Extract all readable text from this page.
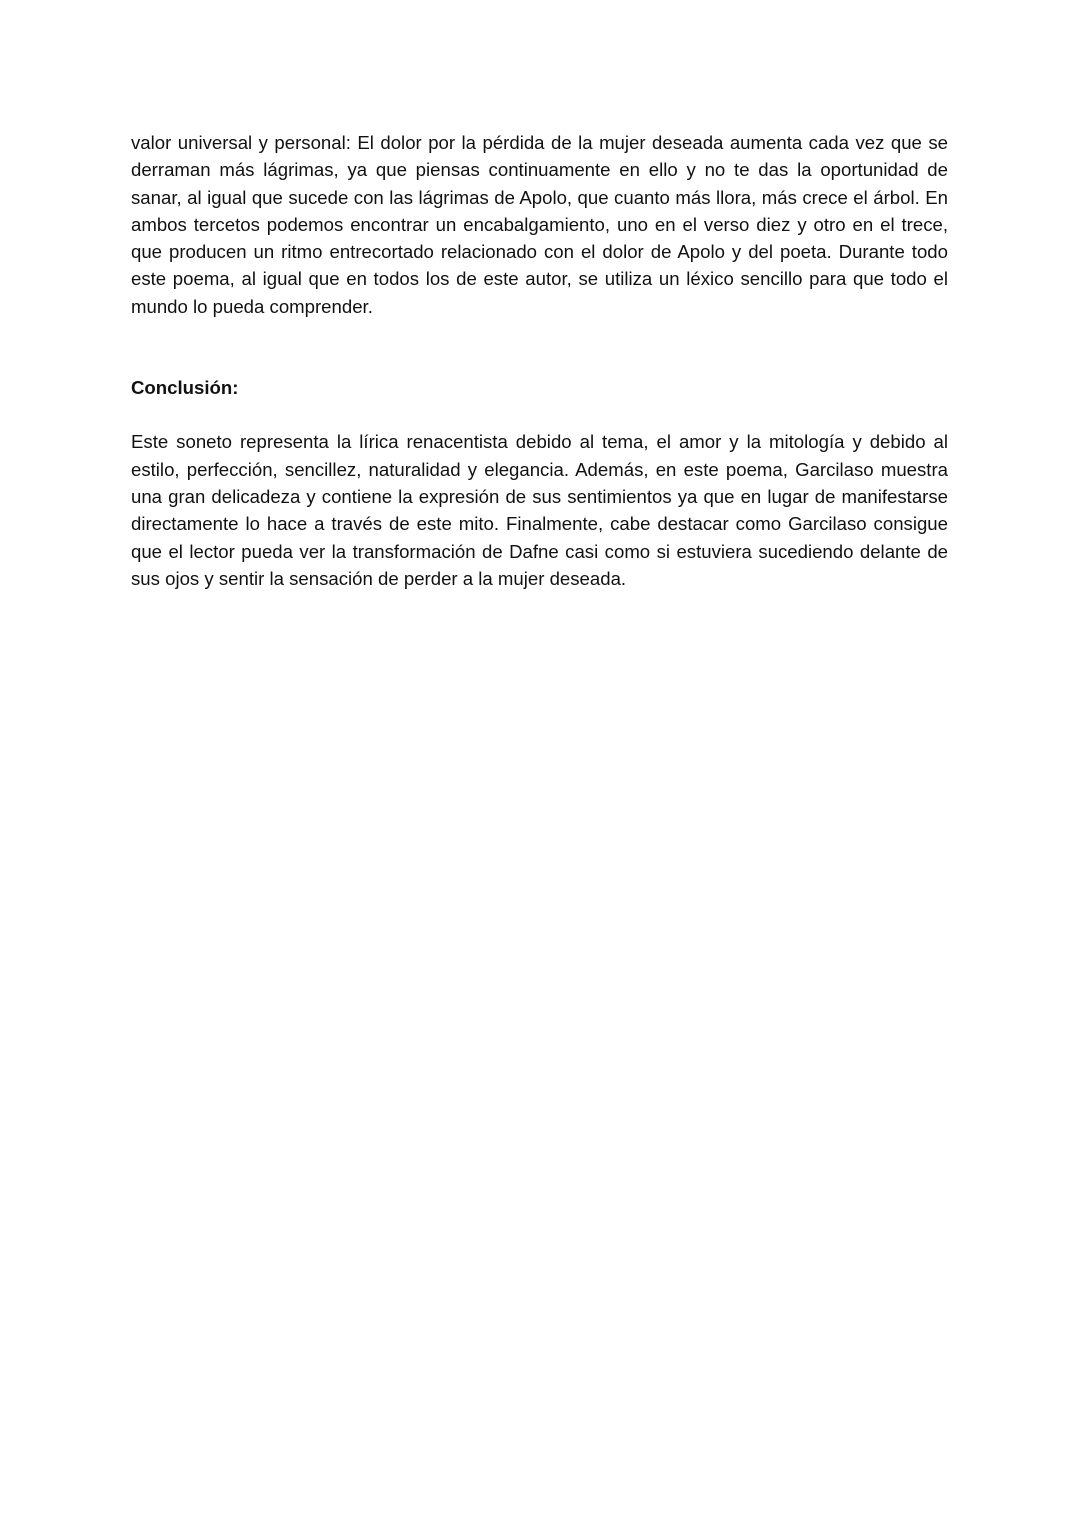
valor universal y personal: El dolor por la pérdida de la mujer deseada aumenta cada vez que se derraman más lágrimas, ya que piensas continuamente en ello y no te das la oportunidad de sanar, al igual que sucede con las lágrimas de Apolo, que cuanto más llora, más crece el árbol. En ambos tercetos podemos encontrar un encabalgamiento, uno en el verso diez y otro en el trece, que producen un ritmo entrecortado relacionado con el dolor de Apolo y del poeta. Durante todo este poema, al igual que en todos los de este autor, se utiliza un léxico sencillo para que todo el mundo lo pueda comprender.

Conclusión:

Este soneto representa la lírica renacentista debido al tema, el amor y la mitología y debido al estilo, perfección, sencillez, naturalidad y elegancia. Además, en este poema, Garcilaso muestra una gran delicadeza y contiene la expresión de sus sentimientos ya que en lugar de manifestarse directamente lo hace a través de este mito. Finalmente, cabe destacar como Garcilaso consigue que el lector pueda ver la transformación de Dafne casi como si estuviera sucediendo delante de sus ojos y sentir la sensación de perder a la mujer deseada.
